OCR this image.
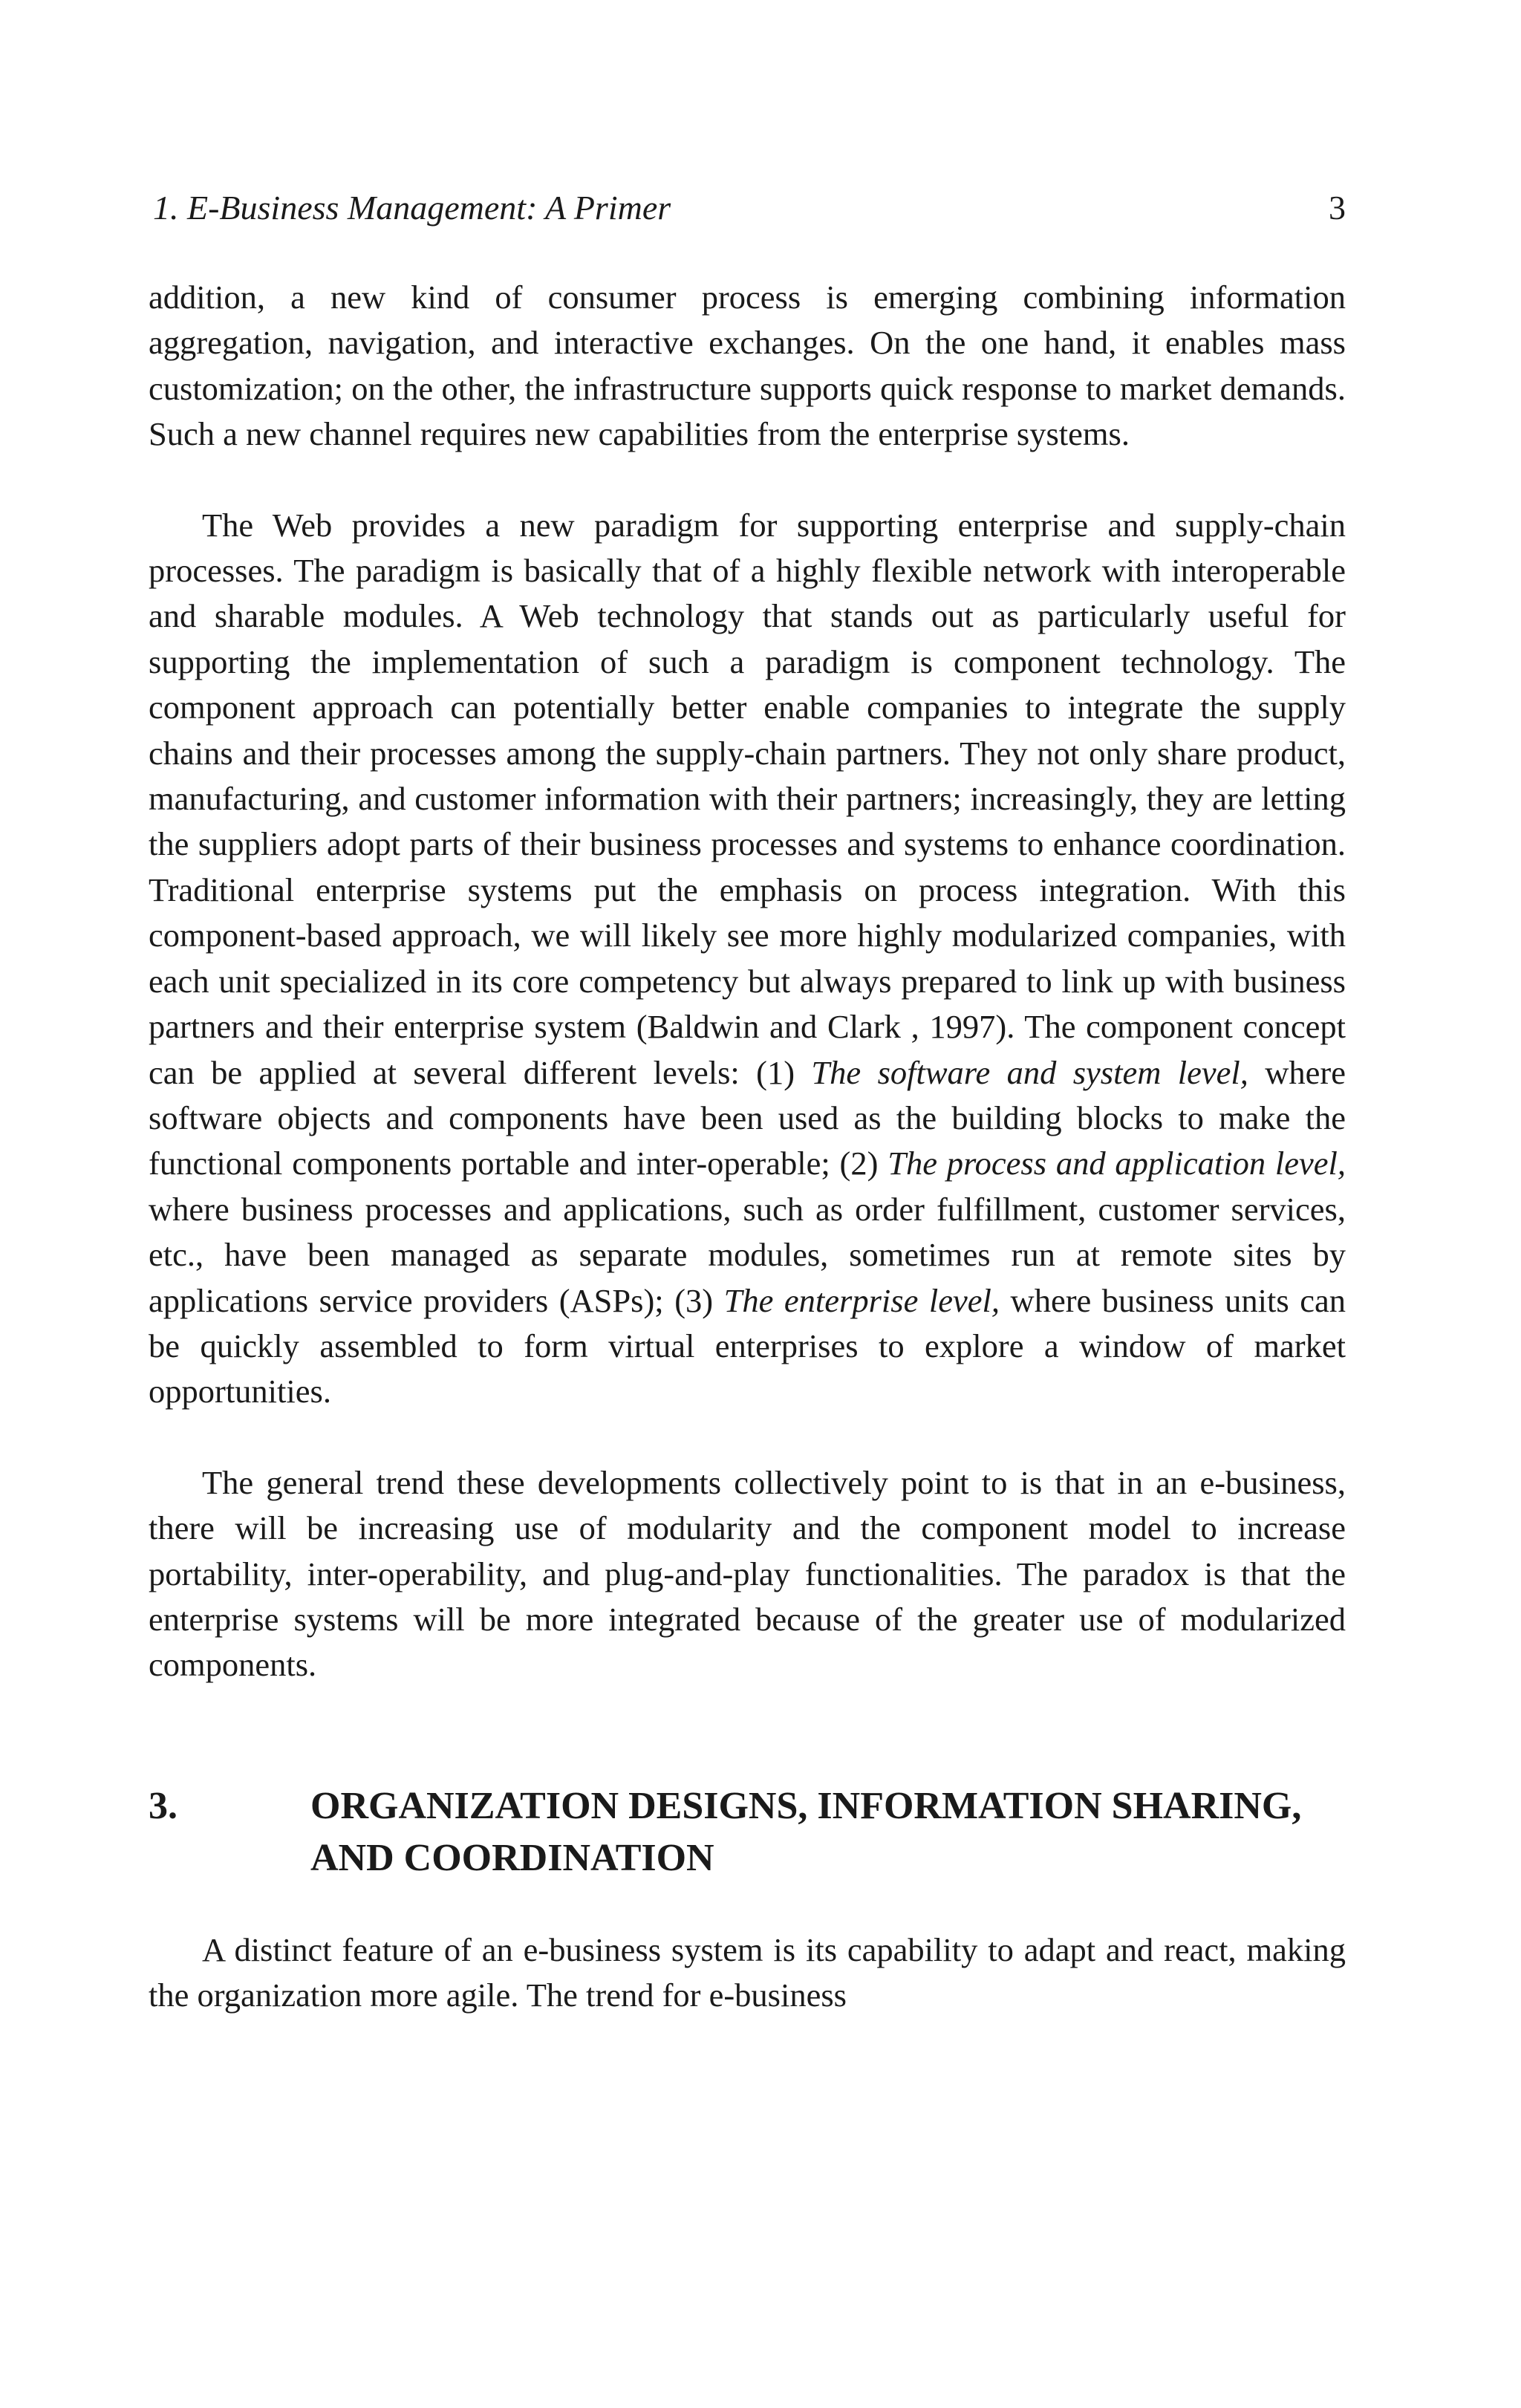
1. E-Business Management: A Primer	3

addition, a new kind of consumer process is emerging combining information aggregation, navigation, and interactive exchanges. On the one hand, it enables mass customization; on the other, the infrastructure supports quick response to market demands. Such a new channel requires new capabilities from the enterprise systems.

The Web provides a new paradigm for supporting enterprise and supply-chain processes. The paradigm is basically that of a highly flexible network with interoperable and sharable modules. A Web technology that stands out as particularly useful for supporting the implementation of such a paradigm is component technology. The component approach can potentially better enable companies to integrate the supply chains and their processes among the supply-chain partners. They not only share product, manufacturing, and customer information with their partners; increasingly, they are letting the suppliers adopt parts of their business processes and systems to enhance coordination. Traditional enterprise systems put the emphasis on process integration. With this component-based approach, we will likely see more highly modularized companies, with each unit specialized in its core competency but always prepared to link up with business partners and their enterprise system (Baldwin and Clark , 1997). The component concept can be applied at several different levels: (1) The software and system level, where software objects and components have been used as the building blocks to make the functional components portable and inter-operable; (2) The process and application level, where business processes and applications, such as order fulfillment, customer services, etc., have been managed as separate modules, sometimes run at remote sites by applications service providers (ASPs); (3) The enterprise level, where business units can be quickly assembled to form virtual enterprises to explore a window of market opportunities.

The general trend these developments collectively point to is that in an e-business, there will be increasing use of modularity and the component model to increase portability, inter-operability, and plug-and-play functionalities. The paradox is that the enterprise systems will be more integrated because of the greater use of modularized components.

3.	ORGANIZATION DESIGNS, INFORMATION SHARING, AND COORDINATION

A distinct feature of an e-business system is its capability to adapt and react, making the organization more agile. The trend for e-business
